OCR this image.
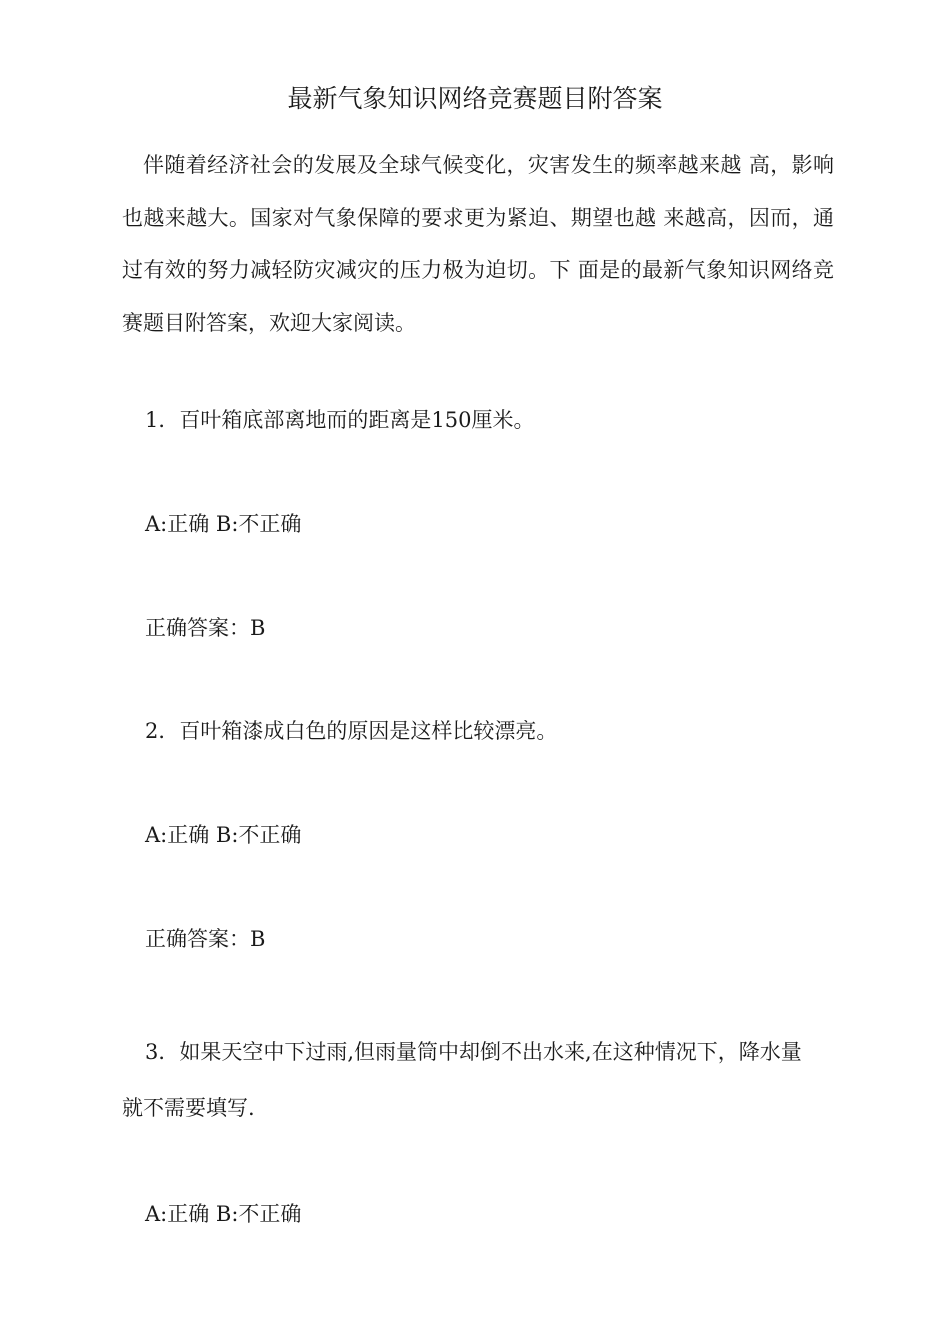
最新气象知识网络竞赛题目附答案
伴随着经济社会的发展及全球气候变化，灾害发生的频率越来越 高，影响也越来越大。国家对气象保障的要求更为紧迫、期望也越 来越高，因而，通过有效的努力减轻防灾减灾的压力极为迫切。下 面是的最新气象知识网络竞赛题目附答案，欢迎大家阅读。
1．百叶箱底部离地而的距离是150厘米。
A:正确 B:不正确
正确答案：B
2．百叶箱漆成白色的原因是这样比较漂亮。
A:正确 B:不正确
正确答案：B
3．如果天空中下过雨,但雨量筒中却倒不出水来,在这种情况下，降水量就不需要填写.
A:正确 B:不正确
